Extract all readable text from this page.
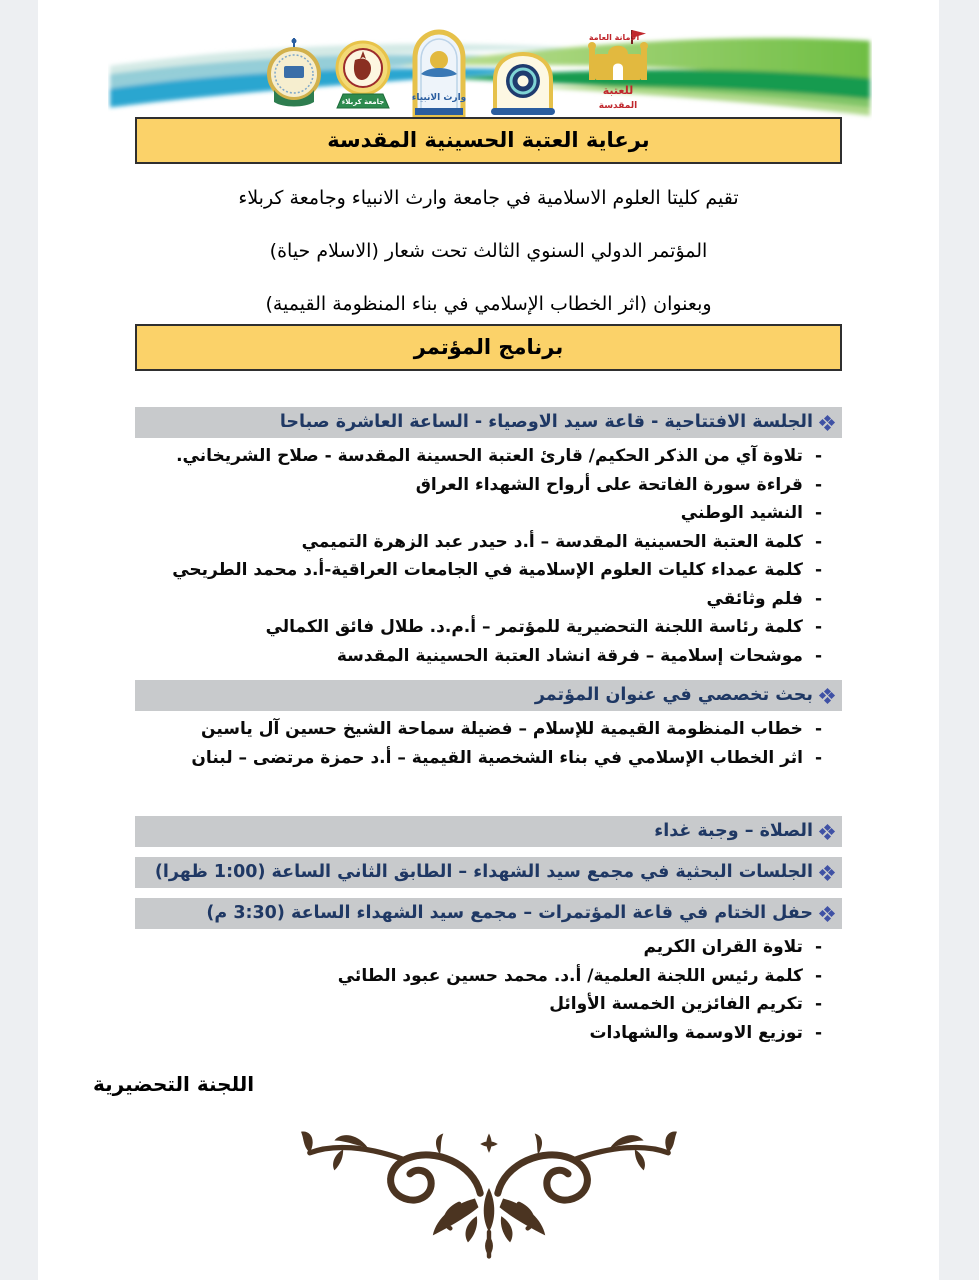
جامعة كربلاء	وارث الانبياء
الامانة العامة
للعتبة
المقدسة
برعاية العتبة الحسينية المقدسة

تقيم كليتا العلوم الاسلامية في جامعة وارث الانبياء وجامعة كربلاء

المؤتمر الدولي السنوي الثالث تحت شعار (الاسلام حياة)

وبعنوان (اثر الخطاب الإسلامي في بناء المنظومة القيمية)

برنامج المؤتمر
الجلسة الافتتاحية - قاعة سيد الاوصياء - الساعة العاشرة صباحا
-تلاوة آي من الذكر الحكيم/ قارئ العتبة الحسينة المقدسة - صلاح الشريخاني.
-قراءة سورة الفاتحة على أرواح الشهداء العراق
-النشيد الوطني
-كلمة العتبة الحسينية المقدسة – أ.د حيدر عبد الزهرة التميمي
-كلمة عمداء كليات العلوم الإسلامية في الجامعات العراقية-أ.د محمد الطريحي
-فلم وثائقي
-كلمة رئاسة اللجنة التحضيرية للمؤتمر – أ.م.د. طلال فائق الكمالي
-موشحات إسلامية – فرقة انشاد العتبة الحسينية المقدسة
بحث تخصصي في عنوان المؤتمر
-خطاب المنظومة القيمية للإسلام – فضيلة سماحة الشيخ حسين آل ياسين
-اثر الخطاب الإسلامي في بناء الشخصية القيمية – أ.د حمزة مرتضى – لبنان
الصلاة – وجبة غداء
الجلسات البحثية في مجمع سيد الشهداء – الطابق الثاني الساعة (1:00 ظهرا)
حفل الختام في قاعة المؤتمرات – مجمع سيد الشهداء الساعة (3:30 م)
-تلاوة القران الكريم
-كلمة رئيس اللجنة العلمية/ أ.د. محمد حسين عبود الطائي
-تكريم الفائزين الخمسة الأوائل
-توزيع الاوسمة والشهادات
اللجنة التحضيرية
